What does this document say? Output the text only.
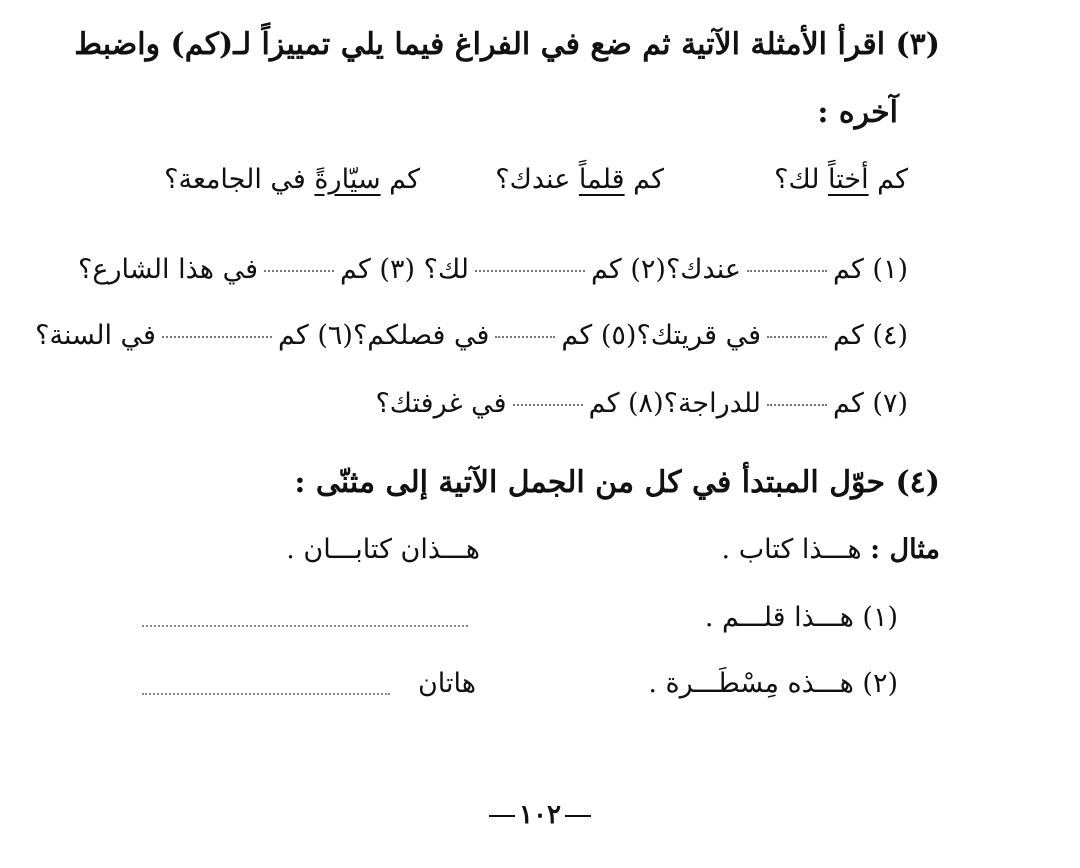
(٣) اقرأ الأمثلة الآتية ثم ضع في الفراغ فيما يلي تمييزاً لـ(كم) واضبط
آخره :
كم أختاً لك؟
كم قلماً عندك؟
كم سيّارةً في الجامعة؟
(١) كمعندك؟(٢) كملك؟ (٣) كمفي هذا الشارع؟
(٤) كمفي قريتك؟(٥) كمفي فصلكم؟(٦) كمفي السنة؟
(٧) كمللدراجة؟(٨) كمفي غرفتك؟
(٤) حوّل المبتدأ في كل من الجمل الآتية إلى مثنّى :
مثال : هـــذا كتاب .
هـــذان كتابـــان .
(١) هـــذا قلـــم .
(٢) هـــذه مِسْطَـــرة .
هاتان
١٠٢
